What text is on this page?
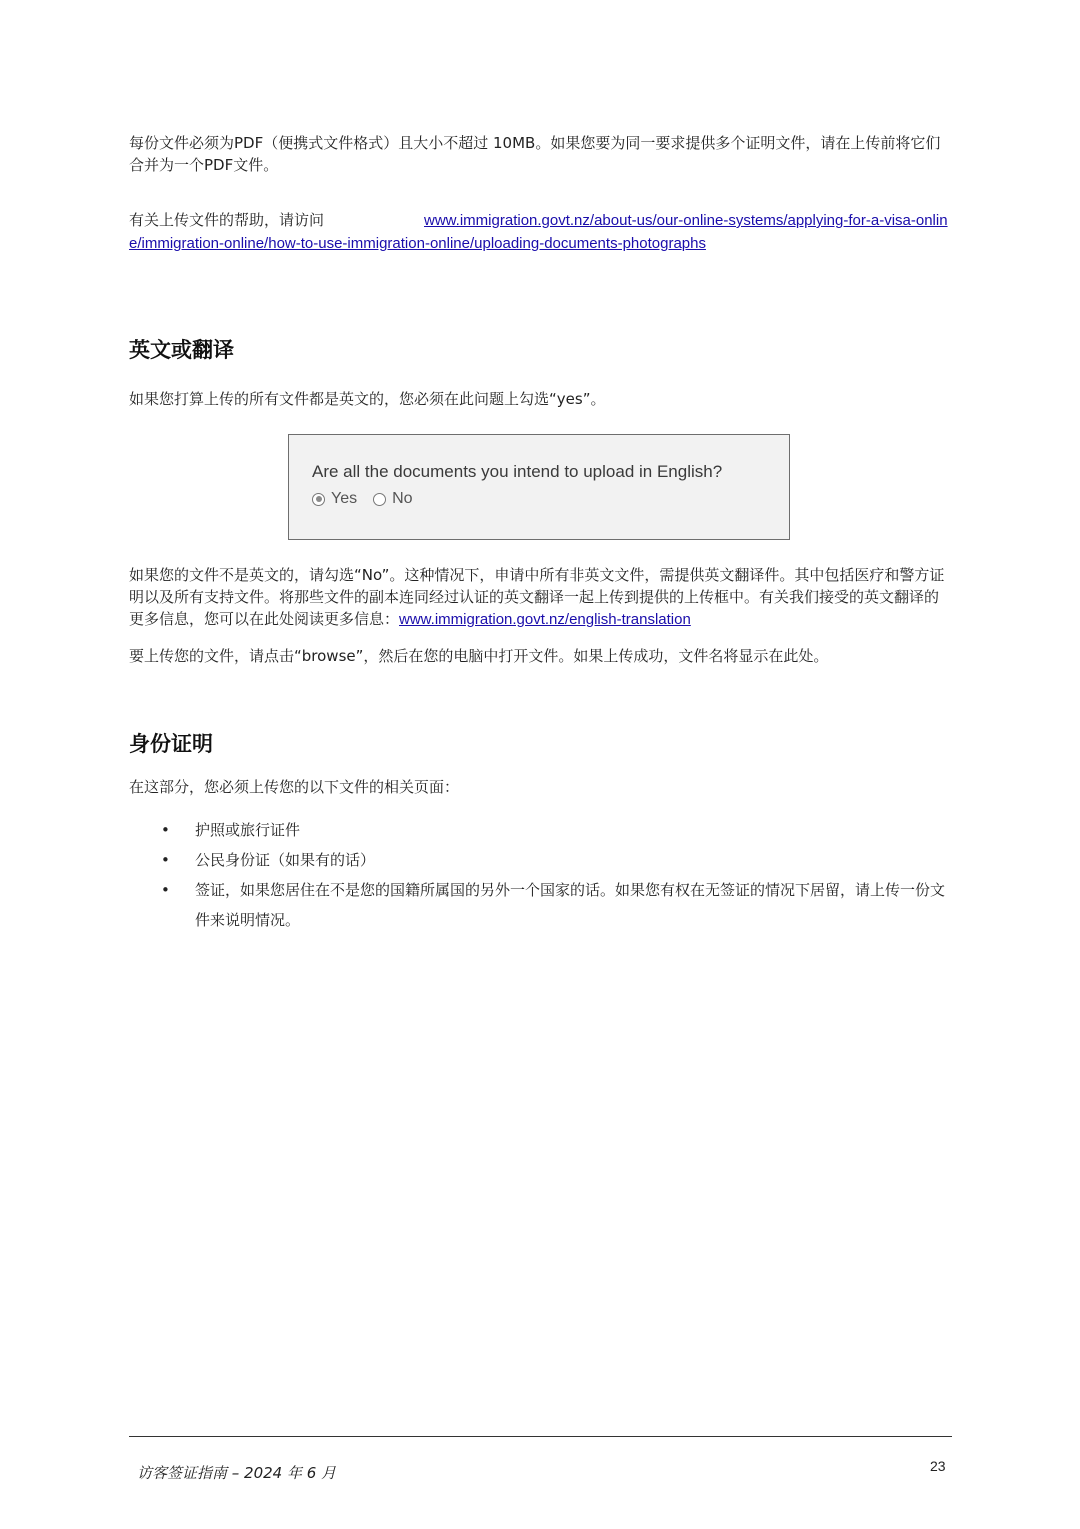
每份文件必须为PDF（便携式文件格式）且大小不超过 10MB。如果您要为同一要求提供多个证明文件，请在上传前将它们合并为一个PDF文件。

有关上传文件的帮助，请访问	www.immigration.govt.nz/about-us/our-online-systems/applying-for-a-visa-online/immigration-online/how-to-use-immigration-online/uploading-documents-photographs

英文或翻译

如果您打算上传的所有文件都是英文的，您必须在此问题上勾选“yes”。

Are all the documents you intend to upload in English?
Yes No

如果您的文件不是英文的，请勾选“No”。这种情况下，申请中所有非英文文件，需提供英文翻译件。其中包括医疗和警方证明以及所有支持文件。将那些文件的副本连同经过认证的英文翻译一起上传到提供的上传框中。有关我们接受的英文翻译的更多信息，您可以在此处阅读更多信息：www.immigration.govt.nz/english-translation

要上传您的文件，请点击“browse”，然后在您的电脑中打开文件。如果上传成功，文件名将显示在此处。

身份证明

在这部分，您必须上传您的以下文件的相关页面：

• 护照或旅行证件
• 公民身份证（如果有的话）
• 签证，如果您居住在不是您的国籍所属国的另外一个国家的话。如果您有权在无签证的情况下居留，请上传一份文件来说明情况。
访客签证指南 – 2024 年 6 月	23
